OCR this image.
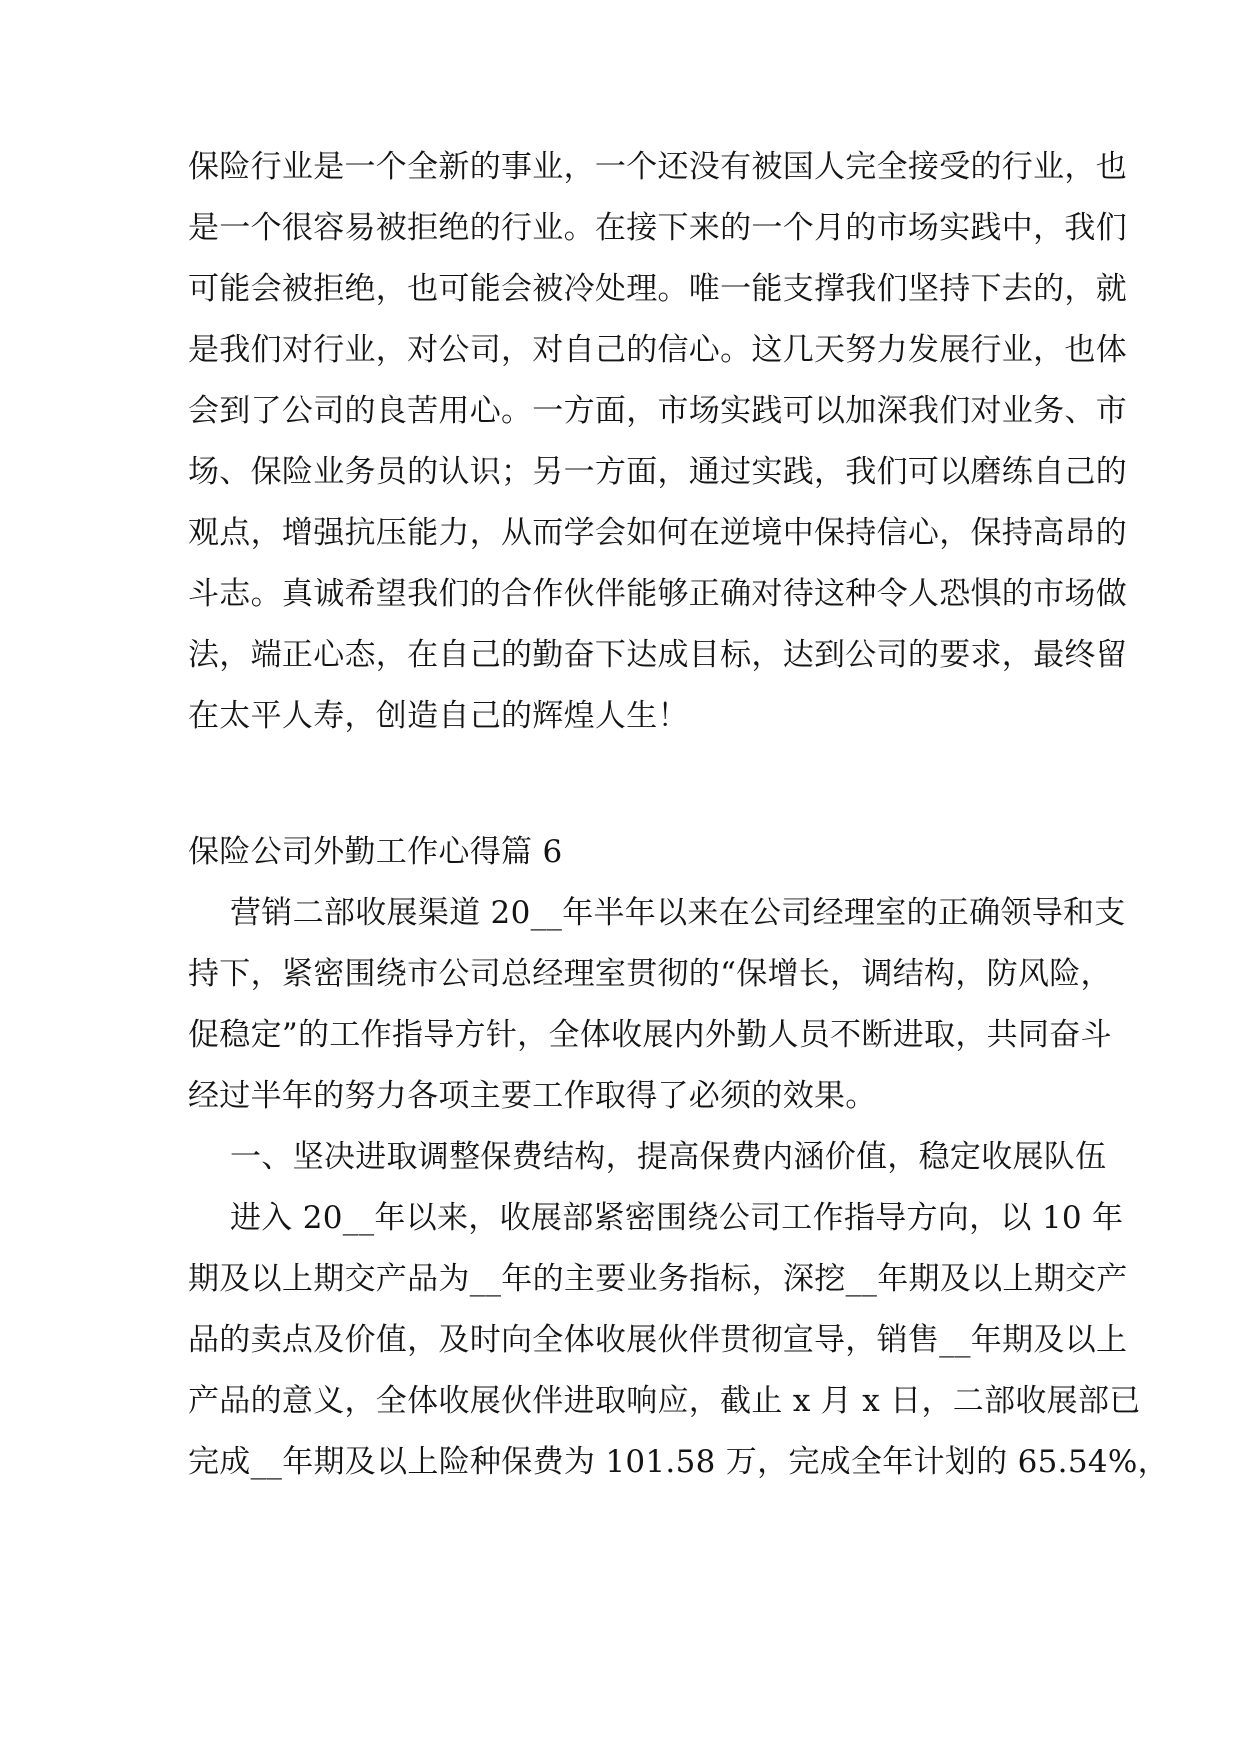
保险行业是一个全新的事业，一个还没有被国人完全接受的行业，也

是一个很容易被拒绝的行业。在接下来的一个月的市场实践中，我们

可能会被拒绝，也可能会被冷处理。唯一能支撑我们坚持下去的，就

是我们对行业，对公司，对自己的信心。这几天努力发展行业，也体

会到了公司的良苦用心。一方面，市场实践可以加深我们对业务、市

场、保险业务员的认识；另一方面，通过实践，我们可以磨练自己的

观点，增强抗压能力，从而学会如何在逆境中保持信心，保持高昂的

斗志。真诚希望我们的合作伙伴能够正确对待这种令人恐惧的市场做

法，端正心态，在自己的勤奋下达成目标，达到公司的要求，最终留

在太平人寿，创造自己的辉煌人生！

保险公司外勤工作心得篇 6

营销二部收展渠道 20__年半年以来在公司经理室的正确领导和支

持下，紧密围绕市公司总经理室贯彻的“保增长，调结构，防风险，

促稳定”的工作指导方针，全体收展内外勤人员不断进取，共同奋斗

经过半年的努力各项主要工作取得了必须的效果。

一、坚决进取调整保费结构，提高保费内涵价值，稳定收展队伍

进入 20__年以来，收展部紧密围绕公司工作指导方向，以 10 年

期及以上期交产品为__年的主要业务指标，深挖__年期及以上期交产

品的卖点及价值，及时向全体收展伙伴贯彻宣导，销售__年期及以上

产品的意义，全体收展伙伴进取响应，截止 x 月 x 日，二部收展部已

完成__年期及以上险种保费为 101.58 万，完成全年计划的 65.54%，
